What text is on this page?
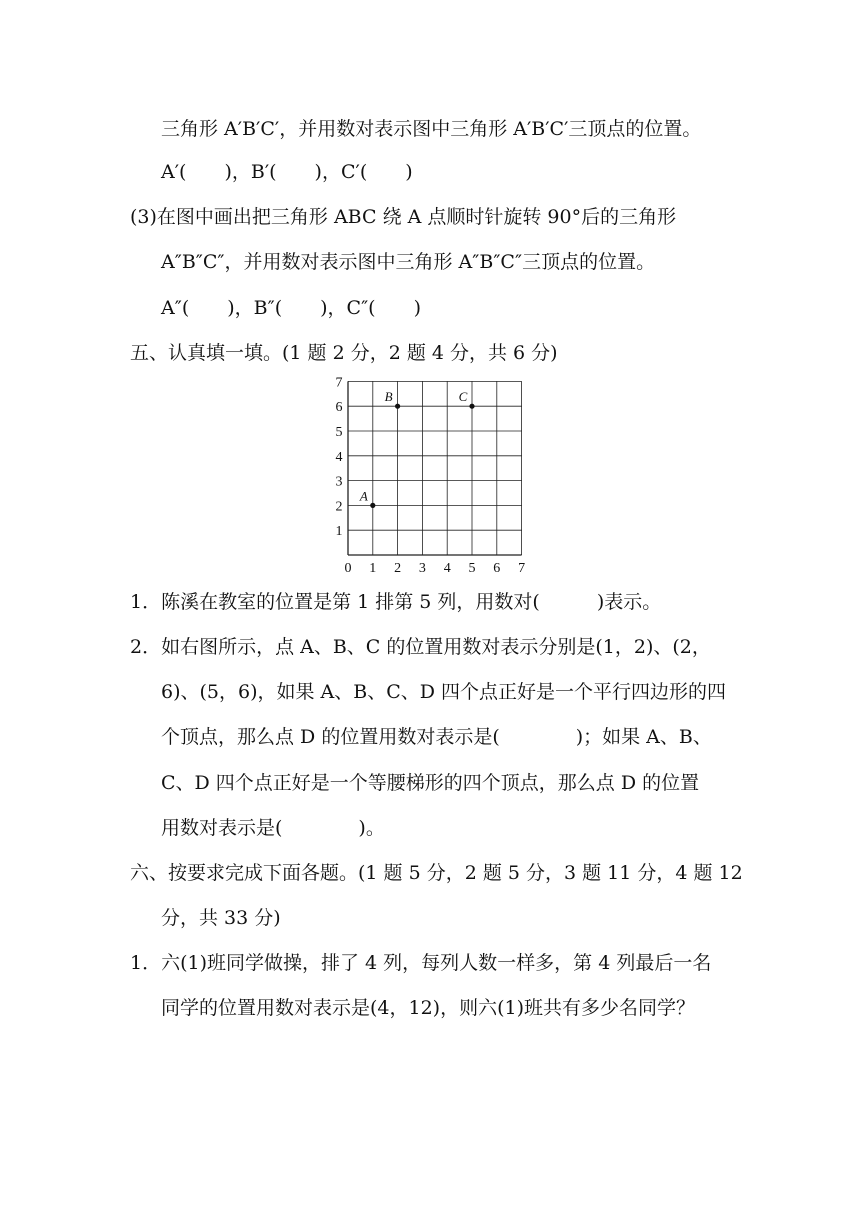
三角形 A′B′C′，并用数对表示图中三角形 A′B′C′三顶点的位置。
A′(　　)，B′(　　)，C′(　　)
(3)在图中画出把三角形 ABC 绕 A 点顺时针旋转 90°后的三角形
A″B″C″，并用数对表示图中三角形 A″B″C″三顶点的位置。
A″(　　)，B″(　　)，C″(　　)
五、认真填一填。(1 题 2 分，2 题 4 分，共 6 分)
0 1 2 3 4 5 6 7
1
2
3
4
5
6
7
A
B	C
1．陈溪在教室的位置是第 1 排第 5 列，用数对(　　　)表示。
2．如右图所示，点 A、B、C 的位置用数对表示分别是(1，2)、(2，
6)、(5，6)，如果 A、B、C、D 四个点正好是一个平行四边形的四
个顶点，那么点 D 的位置用数对表示是(　　　　)；如果 A、B、
C、D 四个点正好是一个等腰梯形的四个顶点，那么点 D 的位置
用数对表示是(　　　　)。
六、按要求完成下面各题。(1 题 5 分，2 题 5 分，3 题 11 分，4 题 12
分，共 33 分)
1．六(1)班同学做操，排了 4 列，每列人数一样多，第 4 列最后一名
同学的位置用数对表示是(4，12)，则六(1)班共有多少名同学？
